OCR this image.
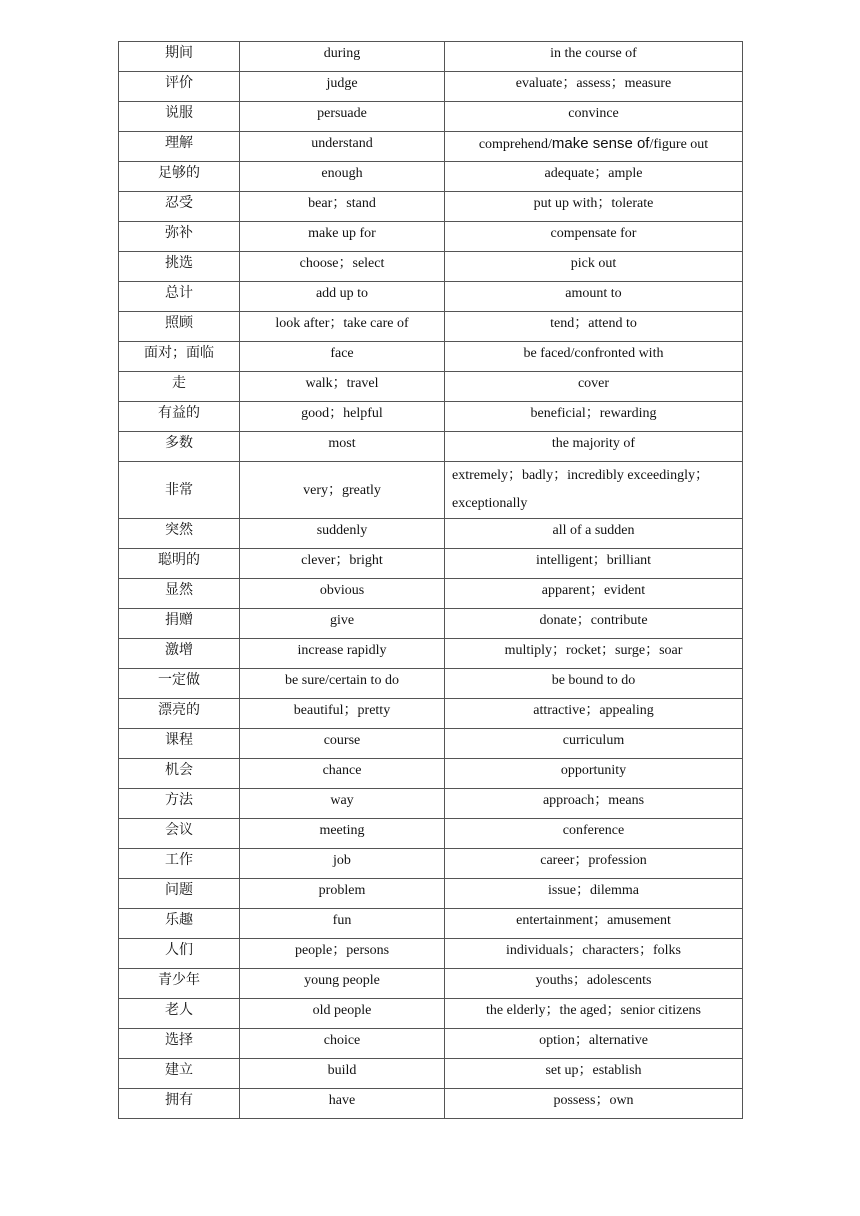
期间	during	in the course of
评价	judge	evaluate；assess；measure
说服	persuade	convince
理解	understand	comprehend/make sense of/figure out
足够的	enough	adequate；ample
忍受	bear；stand	put up with；tolerate
弥补	make up for	compensate for
挑选	choose；select	pick out
总计	add up to	amount to
照顾	look after；take care of	tend；attend to
面对；面临	face	be faced/confronted with
走	walk；travel	cover
有益的	good；helpful	beneficial；rewarding
多数	most	the majority of
非常	very；greatly	extremely；badly；incredibly exceedingly；exceptionally
突然	suddenly	all of a sudden
聪明的	clever；bright	intelligent；brilliant
显然	obvious	apparent；evident
捐赠	give	donate；contribute
激增	increase rapidly	multiply；rocket；surge；soar
一定做	be sure/certain to do	be bound to do
漂亮的	beautiful；pretty	attractive；appealing
课程	course	curriculum
机会	chance	opportunity
方法	way	approach；means
会议	meeting	conference
工作	job	career；profession
问题	problem	issue；dilemma
乐趣	fun	entertainment；amusement
人们	people；persons	individuals；characters；folks
青少年	young people	youths；adolescents
老人	old people	the elderly；the aged；senior citizens
选择	choice	option；alternative
建立	build	set up；establish
拥有	have	possess；own
